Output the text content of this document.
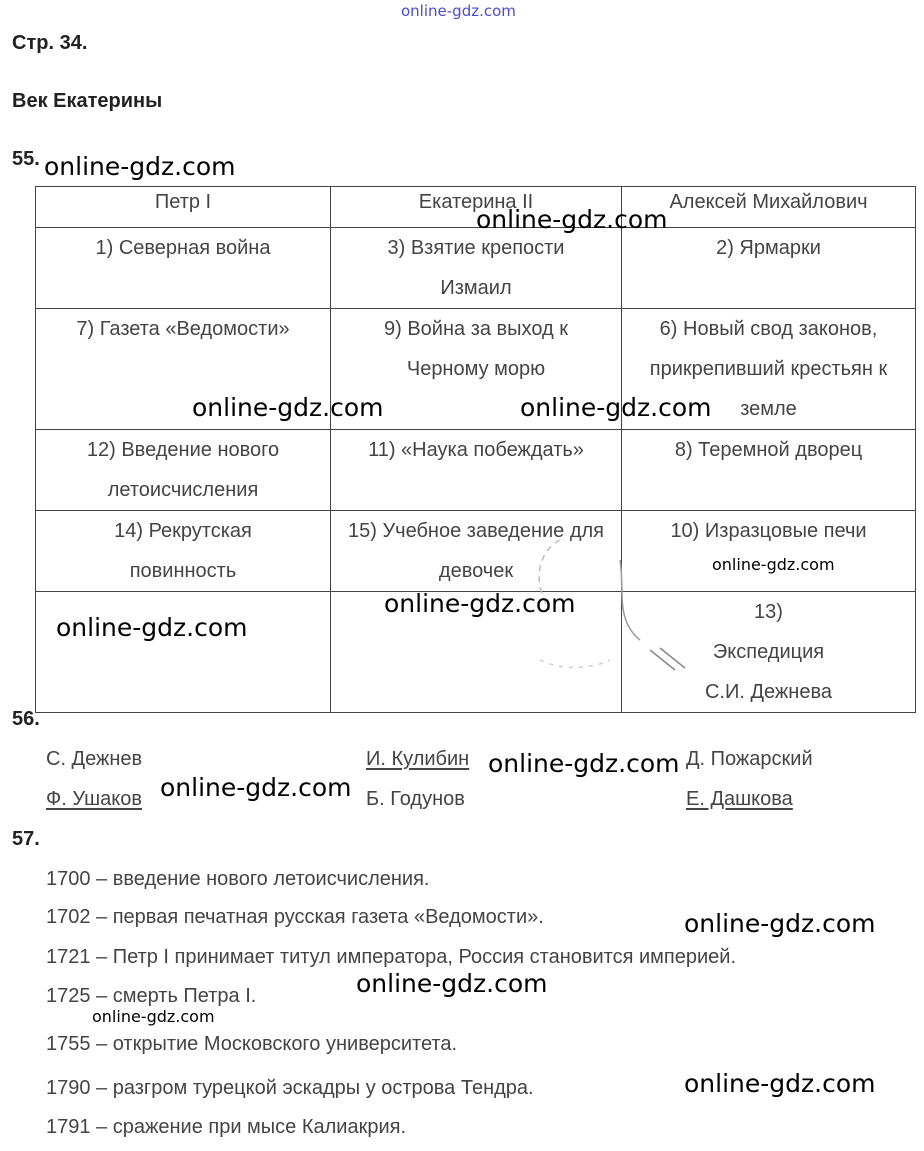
online-gdz.com
Стр. 34.
Век Екатерины
55.
Петр I	Екатерина II	Алексей Михайлович
1) Северная война	3) Взятие крепости Измаил	2) Ярмарки
7) Газета «Ведомости»	9) Война за выход к Черному морю	6) Новый свод законов, прикрепивший крестьян к земле
12) Введение нового летоисчисления	11) «Наука побеждать»	8) Теремной дворец
14) Рекрутская повинность	15) Учебное заведение для девочек	10) Изразцовые печи
		13) Экспедиция С.И. Дежнева
56.
С. Дежнев	И. Кулибин	Д. Пожарский
Ф. Ушаков	Б. Годунов	Е. Дашкова
57.
1700 – введение нового летоисчисления.
1702 – первая печатная русская газета «Ведомости».
1721 – Петр I принимает титул императора, Россия становится империей.
1725 – смерть Петра I.
1755 – открытие Московского университета.
1790 – разгром турецкой эскадры у острова Тендра.
1791 – сражение при мысе Калиакрия.
online-gdz.com
online-gdz.com
online-gdz.com	online-gdz.com
online-gdz.com
online-gdz.com
online-gdz.com
online-gdz.com
online-gdz.com
online-gdz.com
online-gdz.com
online-gdz.com
online-gdz.com
